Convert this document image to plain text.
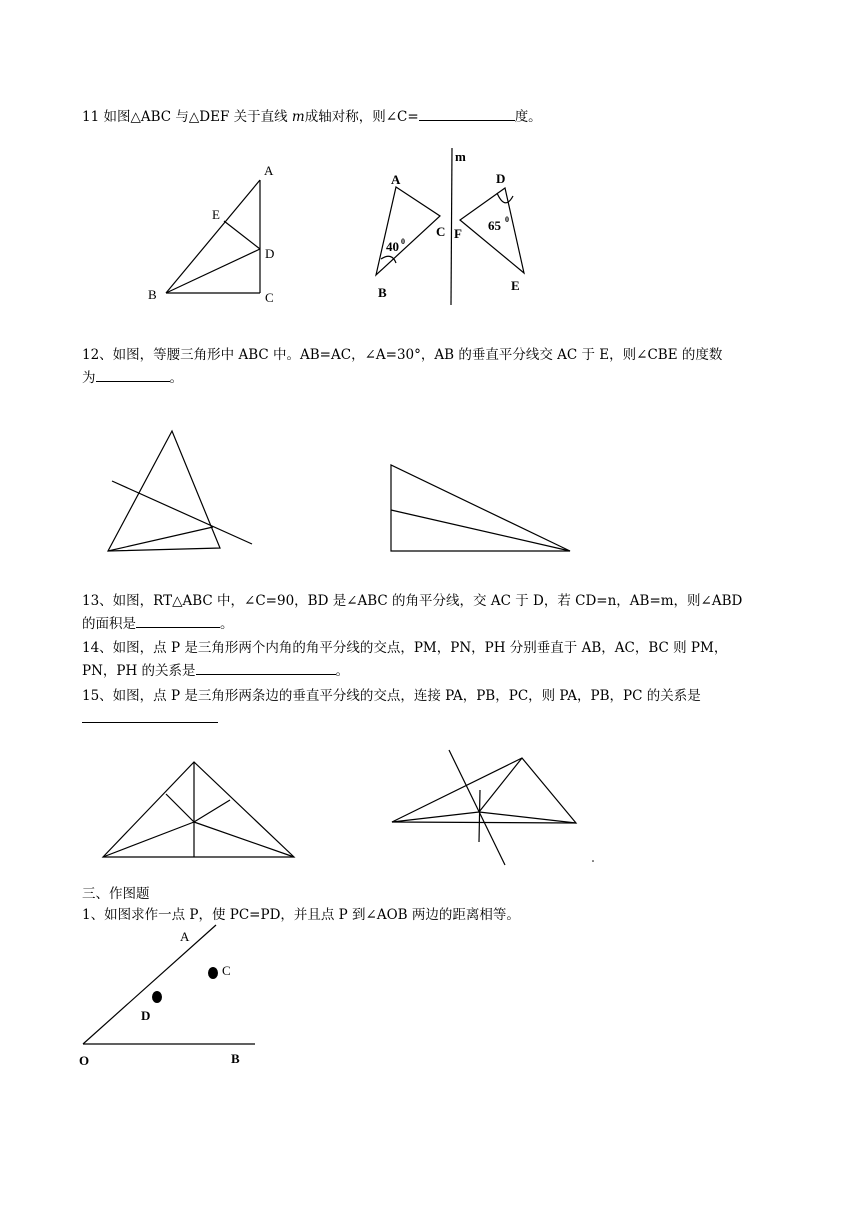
11 如图△ABC 与△DEF 关于直线 m成轴对称，则∠C=	度。
A
E
D
B	C
m
A
B
C
40 0
F
D
E
65 0
12、如图，等腰三角形中 ABC 中。AB=AC，∠A=30°，AB 的垂直平分线交 AC 于 E，则∠CBE 的度数
为	。
13、如图，RT△ABC 中，∠C=90，BD 是∠ABC 的角平分线，交 AC 于 D，若 CD=n，AB=m，则∠ABD
的面积是	。
14、如图，点 P 是三角形两个内角的角平分线的交点，PM，PN，PH 分别垂直于 AB，AC，BC 则 PM，
PN，PH 的关系是	。
15、如图，点 P 是三角形两条边的垂直平分线的交点，连接 PA，PB，PC，则 PA，PB，PC 的关系是
三、作图题
1、如图求作一点 P，使 PC=PD，并且点 P 到∠AOB 两边的距离相等。
A
C
D
O	B
